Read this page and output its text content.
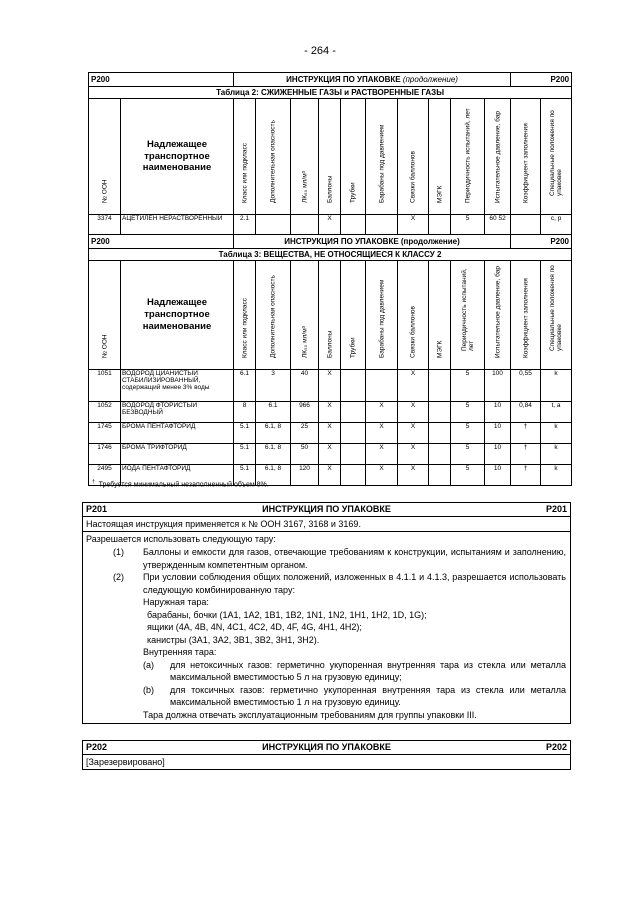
- 264 -
P200		ИНСТРУКЦИЯ ПО УПАКОВКЕ (продолжение)										P200	
Таблица 2: СЖИЖЕННЫЕ ГАЗЫ и РАСТВОРЕННЫЕ ГАЗЫ													

№ ООН	Надлежащее транспортное наименование	Класс или подкласс	Дополнительная опасность	ЛК₅₀ мл/м³	Баллоны	Трубки	Барабаны под давлением	Связки баллонов	МЭГК	Периодичность испытаний, лет	Испытательное давление, бар	Коэффициент заполнения	Специальные положения по упаковке

3374	АЦЕТИЛЕН НЕРАСТВОРЕННЫЙ	2.1			X			X		5	60 52		c, p
P200		ИНСТРУКЦИЯ ПО УПАКОВКЕ (продолжение)										P200	
Таблица 3: ВЕЩЕСТВА, НЕ ОТНОСЯЩИЕСЯ К КЛАССУ 2													

№ ООН	Надлежащее транспортное наименование	Класс или подкласс	Дополнительная опасность	ЛК₅₀ мл/м³	Баллоны	Трубки	Барабаны под давлением	Связки баллонов	МЭГК	Периодичность испытаний, лет	Испытательное давление, бар	Коэффициент заполнения	Специальные положения по упаковке

1051	ВОДОРОД ЦИАНИСТЫЙ СТАБИЛИЗИРОВАННЫЙ, содержащий менее 3% воды	6.1	3	40	X			X		5	100	0,55	k
1052	ВОДОРОД ФТОРИСТЫЙ БЕЗВОДНЫЙ	8	6.1	966	X		X	X		5	10	0,84	t, a
1745	БРОМА ПЕНТАФТОРИД	5.1	6.1, 8	25	X		X	X		5	10	†	k
1746	БРОМА ТРИФТОРИД	5.1	6.1, 8	50	X		X	X		5	10	†	k
2495	ЙОДА ПЕНТАФТОРИД	5.1	6.1, 8	120	X		X	X		5	10	†	k
† Требуется минимальный незаполненный объем 8%.
P201	ИНСТРУКЦИЯ ПО УПАКОВКЕ	P201
Настоящая инструкция применяется к № ООН 3167, 3168 и 3169.
Разрешается использовать следующую тару:
(1) Баллоны и емкости для газов, отвечающие требованиям к конструкции, испытаниям и заполнению, утвержденным компетентным органом.
(2) При условии соблюдения общих положений, изложенных в 4.1.1 и 4.1.3, разрешается использовать следующую комбинированную тару:
Наружная тара:
барабаны, бочки (1A1, 1A2, 1B1, 1B2, 1N1, 1N2, 1H1, 1H2, 1D, 1G);
ящики (4A, 4B, 4N, 4C1, 4C2, 4D, 4F, 4G, 4H1, 4H2);
канистры (3A1, 3A2, 3B1, 3B2, 3H1, 3H2).
Внутренняя тара:
(a) для нетоксичных газов: герметично укупоренная внутренняя тара из стекла или металла максимальной вместимостью 5 л на грузовую единицу;
(b) для токсичных газов: герметично укупоренная внутренняя тара из стекла или металла максимальной вместимостью 1 л на грузовую единицу.
Тара должна отвечать эксплуатационным требованиям для группы упаковки III.
P202	ИНСТРУКЦИЯ ПО УПАКОВКЕ	P202
[Зарезервировано]
